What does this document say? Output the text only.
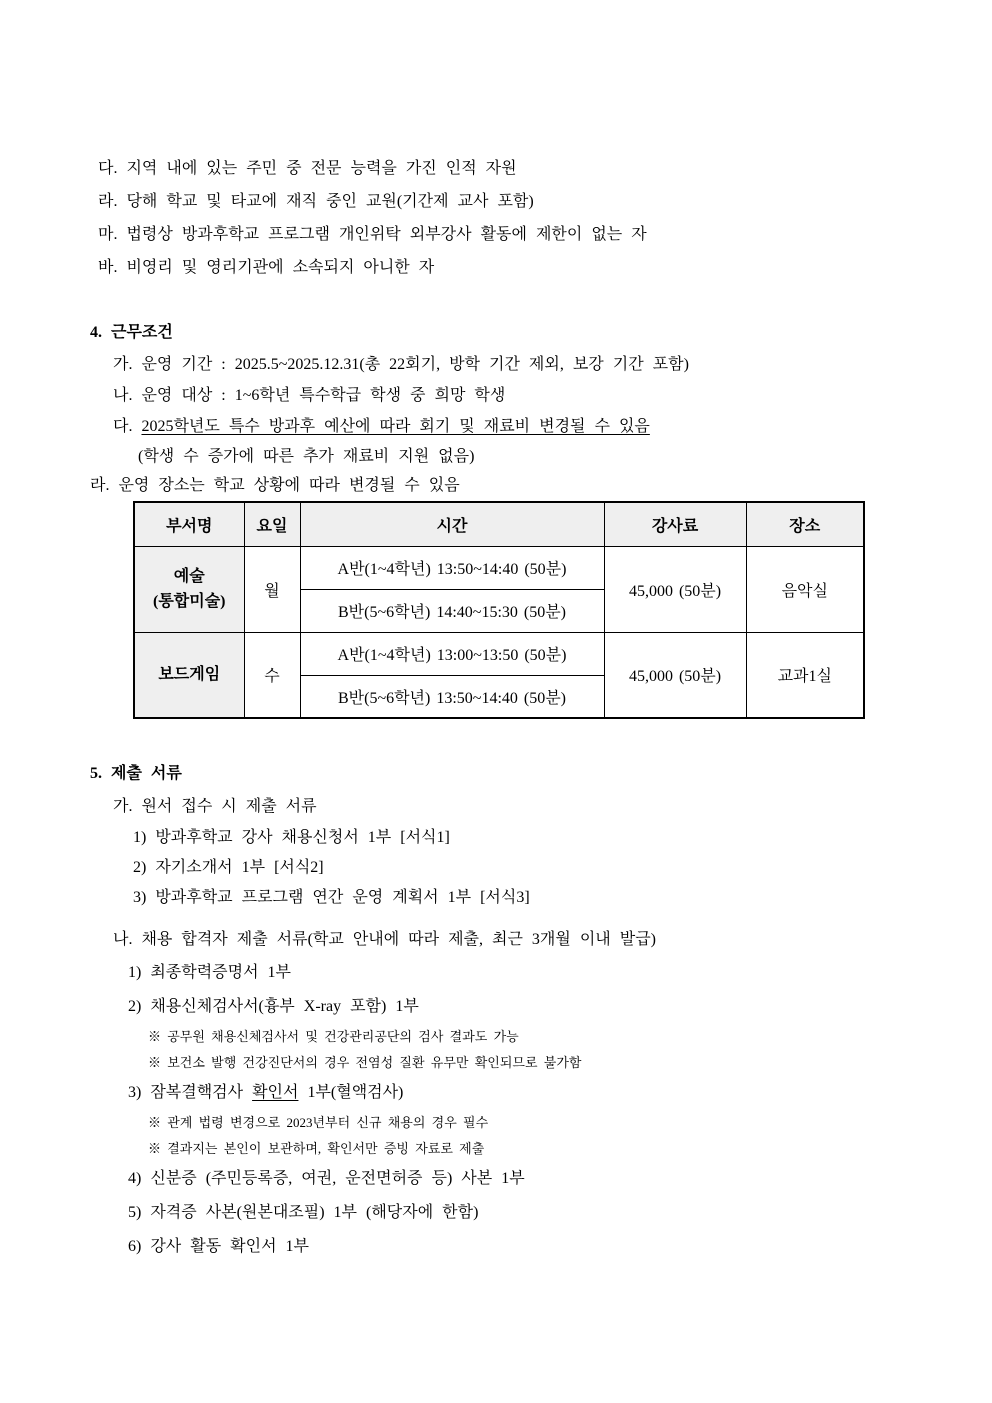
다. 지역 내에 있는 주민 중 전문 능력을 가진 인적 자원
라. 당해 학교 및 타교에 재직 중인 교원(기간제 교사 포함)
마. 법령상 방과후학교 프로그램 개인위탁 외부강사 활동에 제한이 없는 자
바. 비영리 및 영리기관에 소속되지 아니한 자
4. 근무조건
가. 운영 기간 : 2025.5~2025.12.31(총 22회기, 방학 기간 제외, 보강 기간 포함)
나. 운영 대상 : 1~6학년 특수학급 학생 중 희망 학생
다. 2025학년도 특수 방과후 예산에 따라 회기 및 재료비 변경될 수 있음
(학생 수 증가에 따른 추가 재료비 지원 없음)
라. 운영 장소는 학교 상황에 따라 변경될 수 있음
부서명	요일	시간	강사료	장소

예술
(통합미술)	월	A반(1~4학년) 13:50~14:40 (50분)	45,000 (50분)	음악실
		B반(5~6학년) 14:40~15:30 (50분)		

보드게임	수	A반(1~4학년) 13:00~13:50 (50분)	45,000 (50분)	교과1실
		B반(5~6학년) 13:50~14:40 (50분)		
5. 제출 서류
가. 원서 접수 시 제출 서류
1) 방과후학교 강사 채용신청서 1부 [서식1]
2) 자기소개서 1부 [서식2]
3) 방과후학교 프로그램 연간 운영 계획서 1부 [서식3]
나. 채용 합격자 제출 서류(학교 안내에 따라 제출, 최근 3개월 이내 발급)
1) 최종학력증명서 1부
2) 채용신체검사서(흉부 X-ray 포함) 1부
※ 공무원 채용신체검사서 및 건강관리공단의 검사 결과도 가능
※ 보건소 발행 건강진단서의 경우 전염성 질환 유무만 확인되므로 불가함
3) 잠복결핵검사 확인서 1부(혈액검사)
※ 관계 법령 변경으로 2023년부터 신규 채용의 경우 필수
※ 결과지는 본인이 보관하며, 확인서만 증빙 자료로 제출
4) 신분증 (주민등록증, 여권, 운전면허증 등) 사본 1부
5) 자격증 사본(원본대조필) 1부 (해당자에 한함)
6) 강사 활동 확인서 1부
